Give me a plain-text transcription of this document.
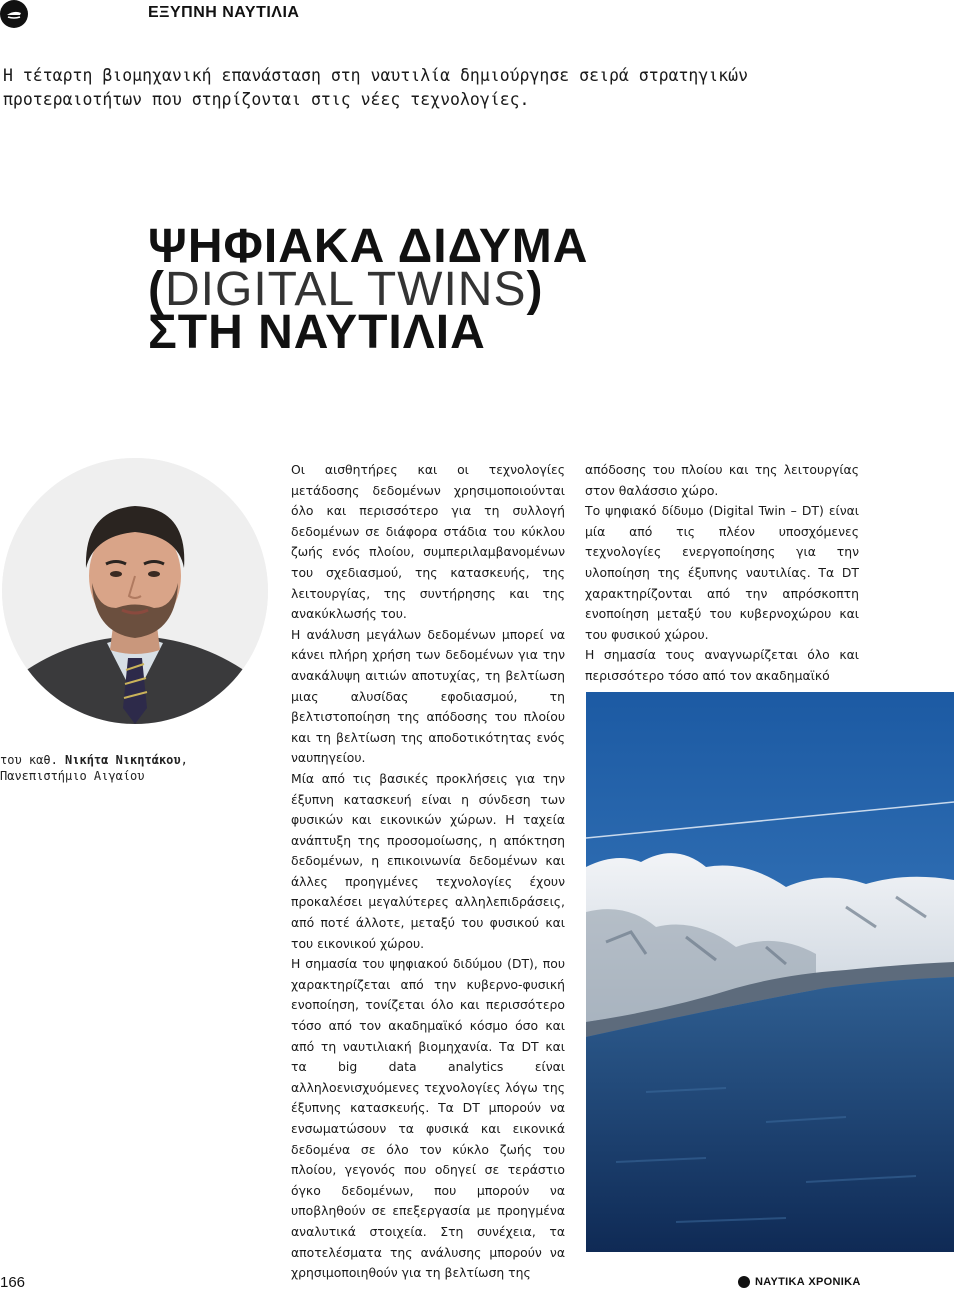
ΕΞΥΠΝΗ ΝΑΥΤΙΛΙΑ
Η τέταρτη βιομηχανική επανάσταση στη ναυτιλία δημιούργησε σειρά στρατηγικών προτεραιοτήτων που στηρίζονται στις νέες τεχνολογίες.
ΨΗΦΙΑΚΑ ΔΙΔΥΜΑ
(DIGITAL TWINS)
ΣΤΗ ΝΑΥΤΙΛΙΑ
του καθ. Νικήτα Νικητάκου,
Πανεπιστήμιο Αιγαίου

Οι αισθητήρες και οι τεχνολογίες μετάδοσης δεδομένων χρησιμοποιούνται όλο και περισσότερο για τη συλλογή δεδομένων σε διάφορα στάδια του κύκλου ζωής ενός πλοίου, συμπεριλαμβανομένων του σχεδιασμού, της κατασκευής, της λειτουργίας, της συντήρησης και της ανακύκλωσής του.

Η ανάλυση μεγάλων δεδομένων μπορεί να κάνει πλήρη χρήση των δεδομένων για την ανακάλυψη αιτιών αποτυχίας, τη βελτίωση μιας αλυσίδας εφοδιασμού, τη βελτιστοποίηση της απόδοσης του πλοίου και τη βελτίωση της αποδοτικότητας ενός ναυπηγείου.

Μία από τις βασικές προκλήσεις για την έξυπνη κατασκευή είναι η σύνδεση των φυσικών και εικονικών χώρων. Η ταχεία ανάπτυξη της προσομοίωσης, η απόκτηση δεδομένων, η επικοινωνία δεδομένων και άλλες προηγμένες τεχνολογίες έχουν προκαλέσει μεγαλύτερες αλληλεπιδράσεις, από ποτέ άλλοτε, μεταξύ του φυσικού και του εικονικού χώρου.

Η σημασία του ψηφιακού διδύμου (DT), που χαρακτηρίζεται από την κυβερνο-φυσική ενοποίηση, τονίζεται όλο και περισσότερο τόσο από τον ακαδημαϊκό κόσμο όσο και από τη ναυτιλιακή βιομηχανία. Τα DT και τα big data analytics είναι αλληλοενισχυόμενες τεχνολογίες λόγω της έξυπνης κατασκευής. Τα DT μπορούν να ενσωματώσουν τα φυσικά και εικονικά δεδομένα σε όλο τον κύκλο ζωής του πλοίου, γεγονός που οδηγεί σε τεράστιο όγκο δεδομένων, που μπορούν να υποβληθούν σε επεξεργασία με προηγμένα αναλυτικά στοιχεία. Στη συνέχεια, τα αποτελέσματα της ανάλυσης μπορούν να χρησιμοποιηθούν για τη βελτίωση της

απόδοσης του πλοίου και της λειτουργίας στον θαλάσσιο χώρο.

Το ψηφιακό δίδυμο (Digital Twin – DT) είναι μία από τις πλέον υποσχόμενες τεχνολογίες ενεργοποίησης για την υλοποίηση της έξυπνης ναυτιλίας. Τα DT χαρακτηρίζονται από την απρόσκοπτη ενοποίηση μεταξύ του κυβερνοχώρου και του φυσικού χώρου.

Η σημασία τους αναγνωρίζεται όλο και περισσότερο τόσο από τον ακαδημαϊκό

166	ΝΑΥΤΙΚΑ ΧΡΟΝΙΚΑ
